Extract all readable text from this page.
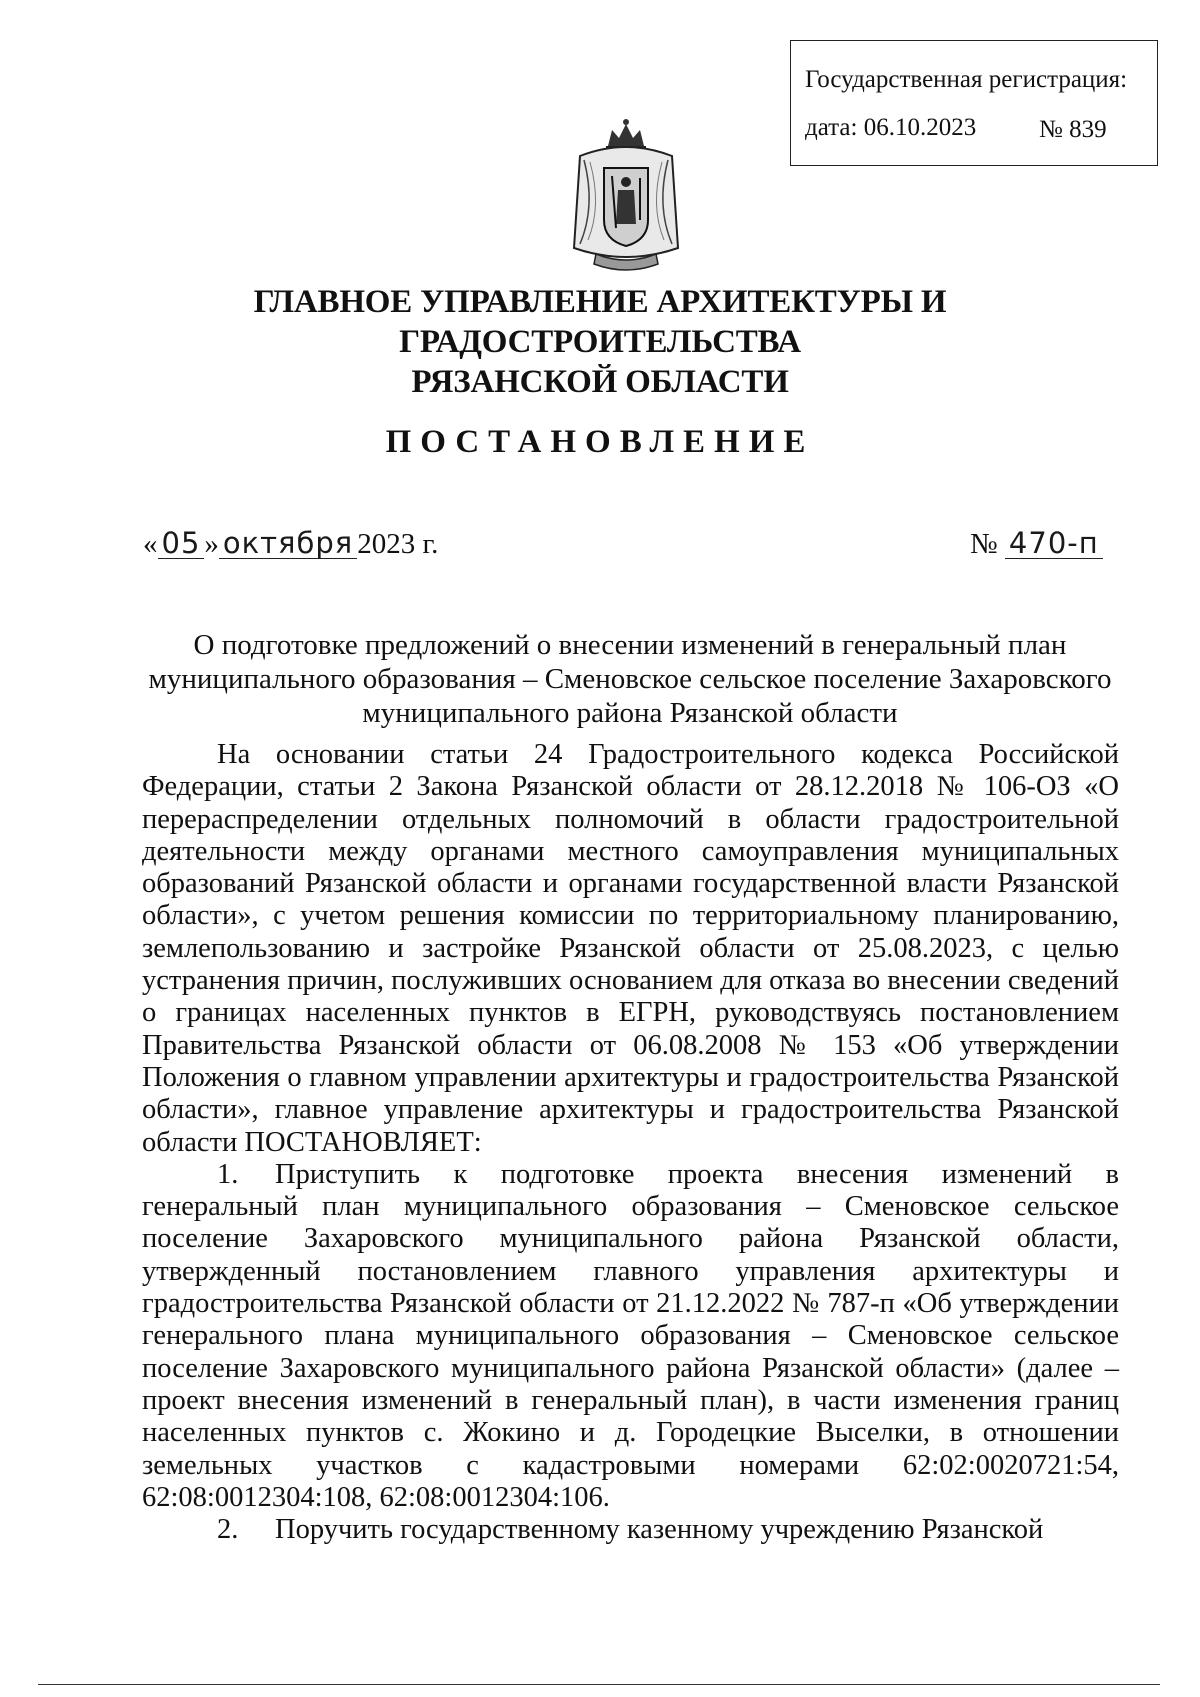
Государственная регистрация:
дата: 06.10.2023	№ 839
ГЛАВНОЕ УПРАВЛЕНИЕ АРХИТЕКТУРЫ И ГРАДОСТРОИТЕЛЬСТВА
РЯЗАНСКОЙ ОБЛАСТИ
ПОСТАНОВЛЕНИЕ
« 05 » октября 2023 г.	№ 470-п
О подготовке предложений о внесении изменений в генеральный план муниципального образования – Сменовское сельское поселение Захаровского муниципального района Рязанской области

На основании статьи 24 Градостроительного кодекса Российской Федерации, статьи 2 Закона Рязанской области от 28.12.2018 № 106-ОЗ «О перераспределении отдельных полномочий в области градостроительной деятельности между органами местного самоуправления муниципальных образований Рязанской области и органами государственной власти Рязанской области», с учетом решения комиссии по территориальному планированию, землепользованию и застройке Рязанской области от 25.08.2023, с целью устранения причин, послуживших основанием для отказа во внесении сведений о границах населенных пунктов в ЕГРН, руководствуясь постановлением Правительства Рязанской области от 06.08.2008 № 153 «Об утверждении Положения о главном управлении архитектуры и градостроительства Рязанской области», главное управление архитектуры и градостроительства Рязанской области ПОСТАНОВЛЯЕТ:

1. Приступить к подготовке проекта внесения изменений в генеральный план муниципального образования – Сменовское сельское поселение Захаровского муниципального района Рязанской области, утвержденный постановлением главного управления архитектуры и градостроительства Рязанской области от 21.12.2022 № 787-п «Об утверждении генерального плана муниципального образования – Сменовское сельское поселение Захаровского муниципального района Рязанской области» (далее – проект внесения изменений в генеральный план), в части изменения границ населенных пунктов с. Жокино и д. Городецкие Выселки, в отношении земельных участков с кадастровыми номерами 62:02:0020721:54, 62:08:0012304:108, 62:08:0012304:106.

2. Поручить государственному казенному учреждению Рязанской
